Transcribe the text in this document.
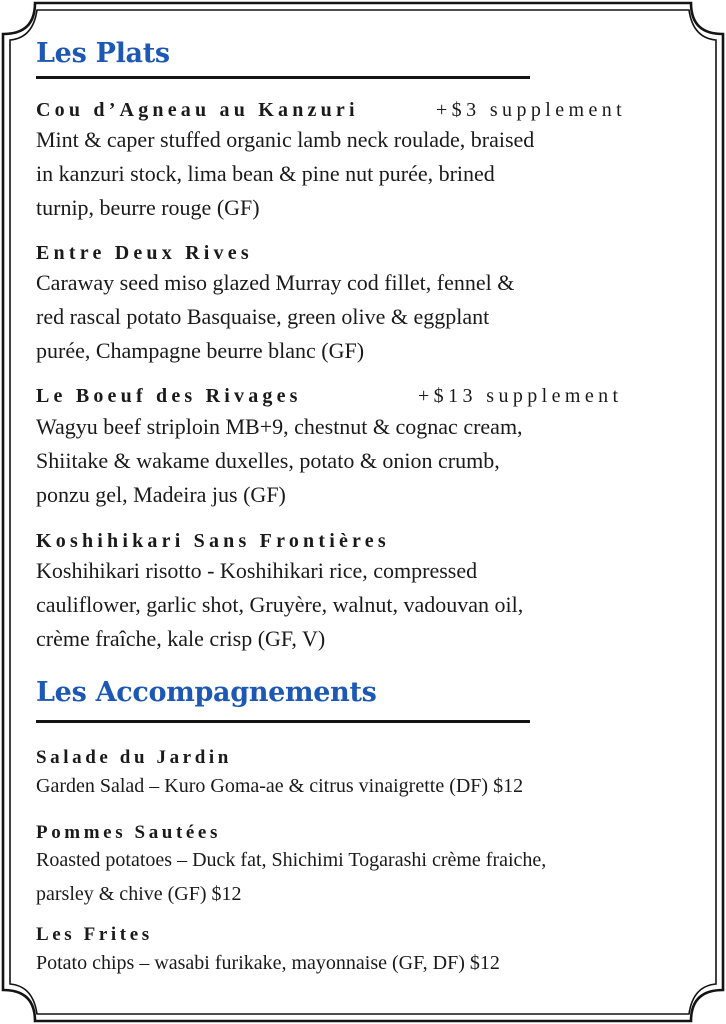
Les Plats

Cou d’Agneau au Kanzuri	+$3 supplement

Mint & caper stuffed organic lamb neck roulade, braised
in kanzuri stock, lima bean & pine nut purée, brined
turnip, beurre rouge (GF)

Entre Deux Rives

Caraway seed miso glazed Murray cod fillet, fennel &
red rascal potato Basquaise, green olive & eggplant
purée, Champagne beurre blanc (GF)

Le Boeuf des Rivages	+$13 supplement

Wagyu beef striploin MB+9, chestnut & cognac cream,
Shiitake & wakame duxelles, potato & onion crumb,
ponzu gel, Madeira jus (GF)

Koshihikari Sans Frontières

Koshihikari risotto - Koshihikari rice, compressed
cauliflower, garlic shot, Gruyère, walnut, vadouvan oil,
crème fraîche, kale crisp (GF, V)

Les Accompagnements

Salade du Jardin

Garden Salad – Kuro Goma-ae & citrus vinaigrette (DF) $12

Pommes Sautées

Roasted potatoes – Duck fat, Shichimi Togarashi crème fraiche,
parsley & chive (GF) $12

Les Frites

Potato chips – wasabi furikake, mayonnaise (GF, DF) $12
